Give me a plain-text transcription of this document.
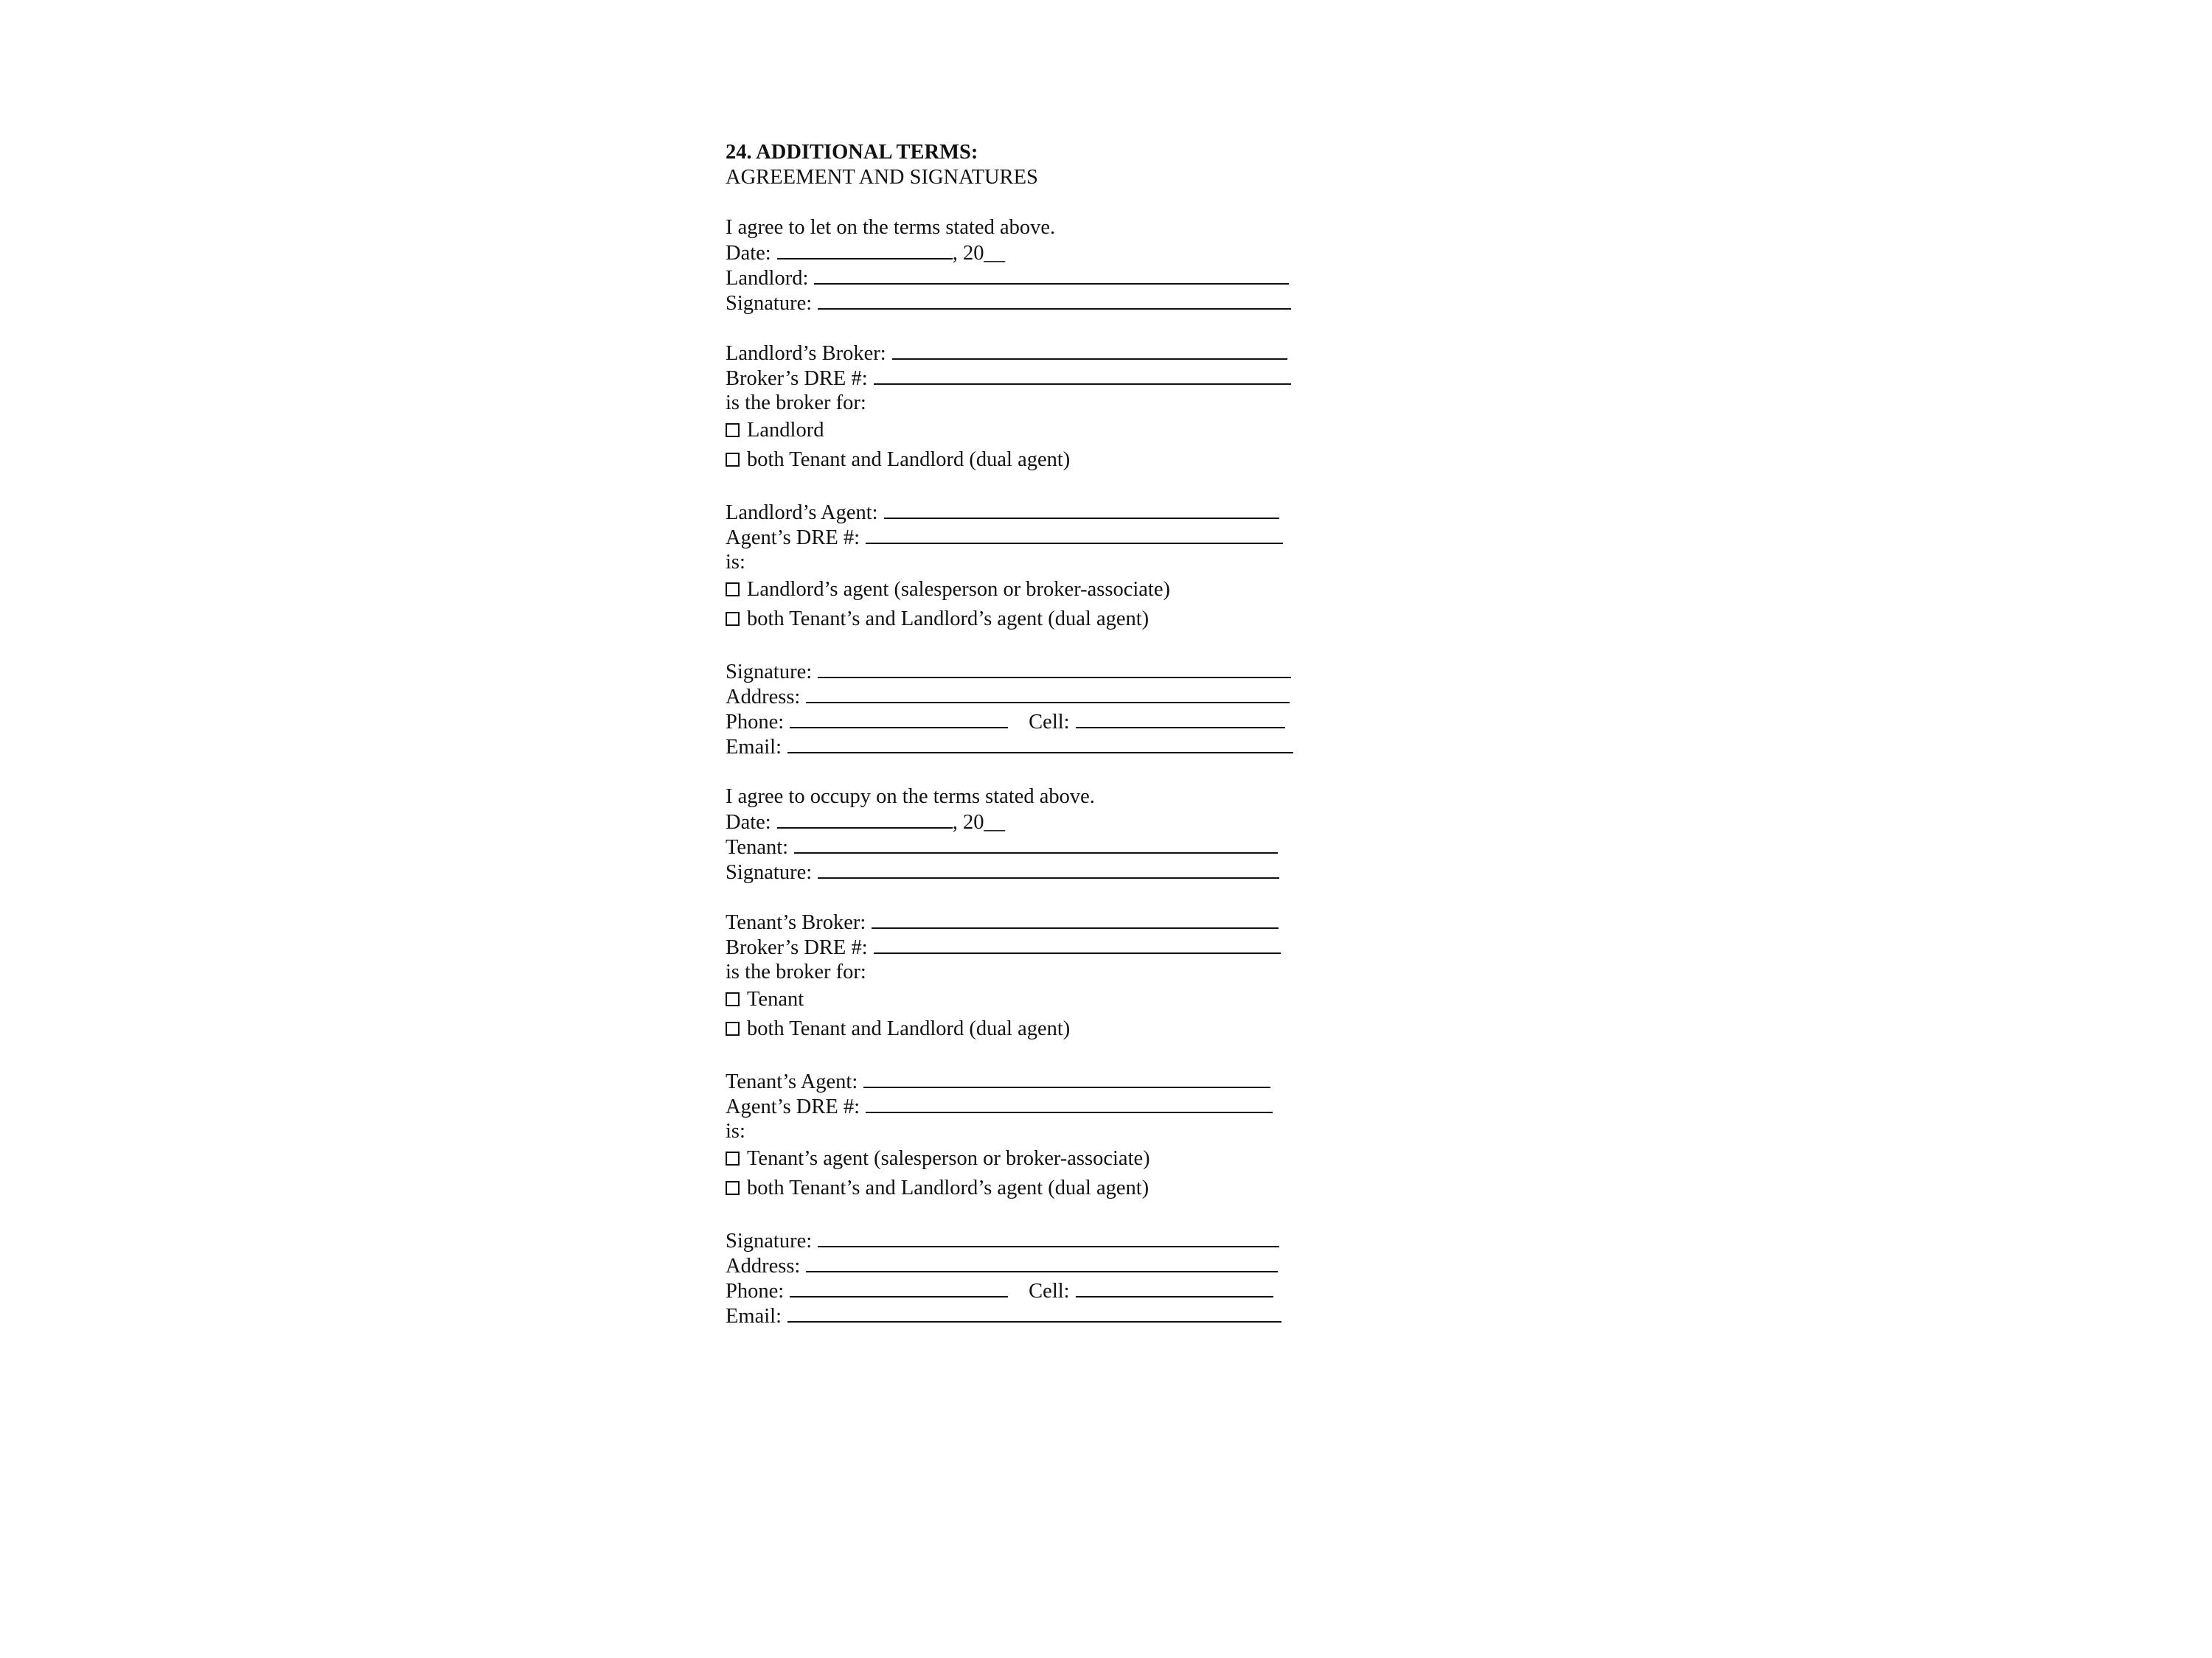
24. ADDITIONAL TERMS:
AGREEMENT AND SIGNATURES
I agree to let on the terms stated above.
Date:	, 20__
Landlord:
Signature:
Landlord’s Broker:
Broker’s DRE #:
is the broker for:
Landlord
both Tenant and Landlord (dual agent)
Landlord’s Agent:
Agent’s DRE #:
is:
Landlord’s agent (salesperson or broker-associate)
both Tenant’s and Landlord’s agent (dual agent)
Signature:
Address:
Phone:	Cell:
Email:
I agree to occupy on the terms stated above.
Date:	, 20__
Tenant:
Signature:
Tenant’s Broker:
Broker’s DRE #:
is the broker for:
Tenant
both Tenant and Landlord (dual agent)
Tenant’s Agent:
Agent’s DRE #:
is:
Tenant’s agent (salesperson or broker-associate)
both Tenant’s and Landlord’s agent (dual agent)
Signature:
Address:
Phone:	Cell:
Email:
